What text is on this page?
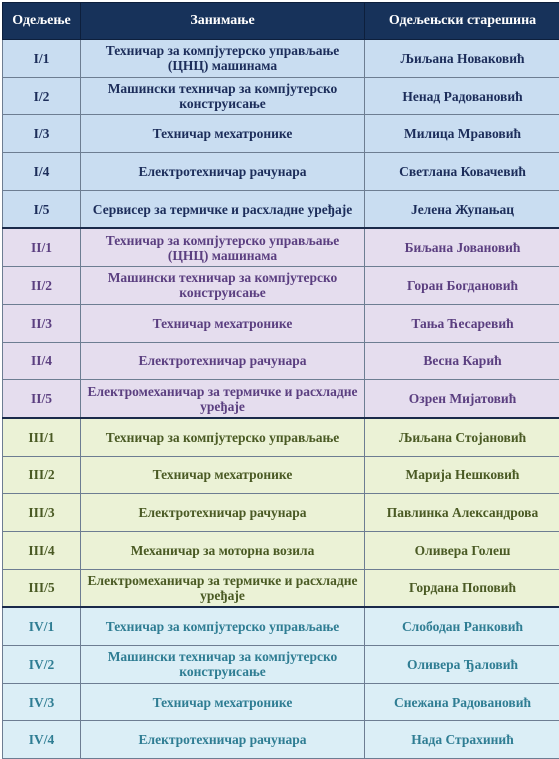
Одељење	Занимање	Одељењски старешина
I/1	Техничар за компјутерско управљање (ЦНЦ) машинама	Љиљана Новаковић
I/2	Машински техничар за компјутерско конструисање	Ненад Радовановић
I/3	Техничар мехатронике	Милица Мравовић
I/4	Електротехничар рачунара	Светлана Ковачевић
I/5	Сервисер за термичке и расхладне уређаје	Јелена Жупањац
II/1	Техничар за компјутерско управљање (ЦНЦ) машинама	Биљана Јовановић
II/2	Машински техничар за компјутерско конструисање	Горан Богдановић
II/3	Техничар мехатронике	Тања Ћесаревић
II/4	Електротехничар рачунара	Весна Карић
II/5	Електромеханичар за термичке и расхладне уређаје	Озрен Мијатовић
III/1	Техничар за компјутерско управљање	Љиљана Стојановић
III/2	Техничар мехатронике	Марија Нешковић
III/3	Електротехничар рачунара	Павлинка Александрова
III/4	Механичар за моторна возила	Оливера Голеш
III/5	Електромеханичар за термичке и расхладне уређаје	Гордана Поповић
IV/1	Техничар за компјутерско управљање	Слободан Ранковић
IV/2	Машински техничар за компјутерско конструисање	Оливера Ђаловић
IV/3	Техничар мехатронике	Снежана Радовановић
IV/4	Електротехничар рачунара	Нада Страхинић
